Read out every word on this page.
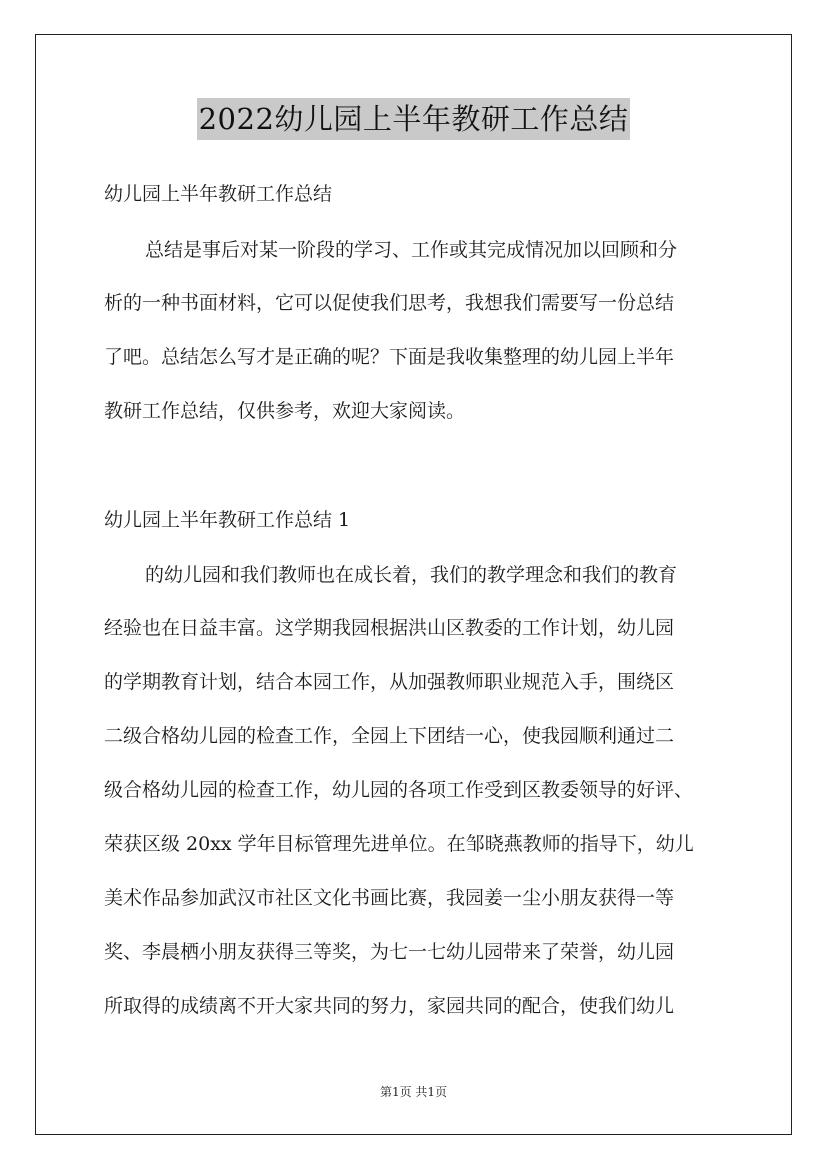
2022幼儿园上半年教研工作总结
幼儿园上半年教研工作总结
总结是事后对某一阶段的学习、工作或其完成情况加以回顾和分
析的一种书面材料，它可以促使我们思考，我想我们需要写一份总结
了吧。总结怎么写才是正确的呢？下面是我收集整理的幼儿园上半年
教研工作总结，仅供参考，欢迎大家阅读。
幼儿园上半年教研工作总结 1
的幼儿园和我们教师也在成长着，我们的教学理念和我们的教育
经验也在日益丰富。这学期我园根据洪山区教委的工作计划，幼儿园
的学期教育计划，结合本园工作，从加强教师职业规范入手，围绕区
二级合格幼儿园的检查工作，全园上下团结一心，使我园顺利通过二
级合格幼儿园的检查工作，幼儿园的各项工作受到区教委领导的好评、
荣获区级 20xx 学年目标管理先进单位。在邹晓燕教师的指导下，幼儿
美术作品参加武汉市社区文化书画比赛，我园姜一尘小朋友获得一等
奖、李晨栖小朋友获得三等奖，为七一七幼儿园带来了荣誉，幼儿园
所取得的成绩离不开大家共同的努力，家园共同的配合，使我们幼儿
第1页 共1页
